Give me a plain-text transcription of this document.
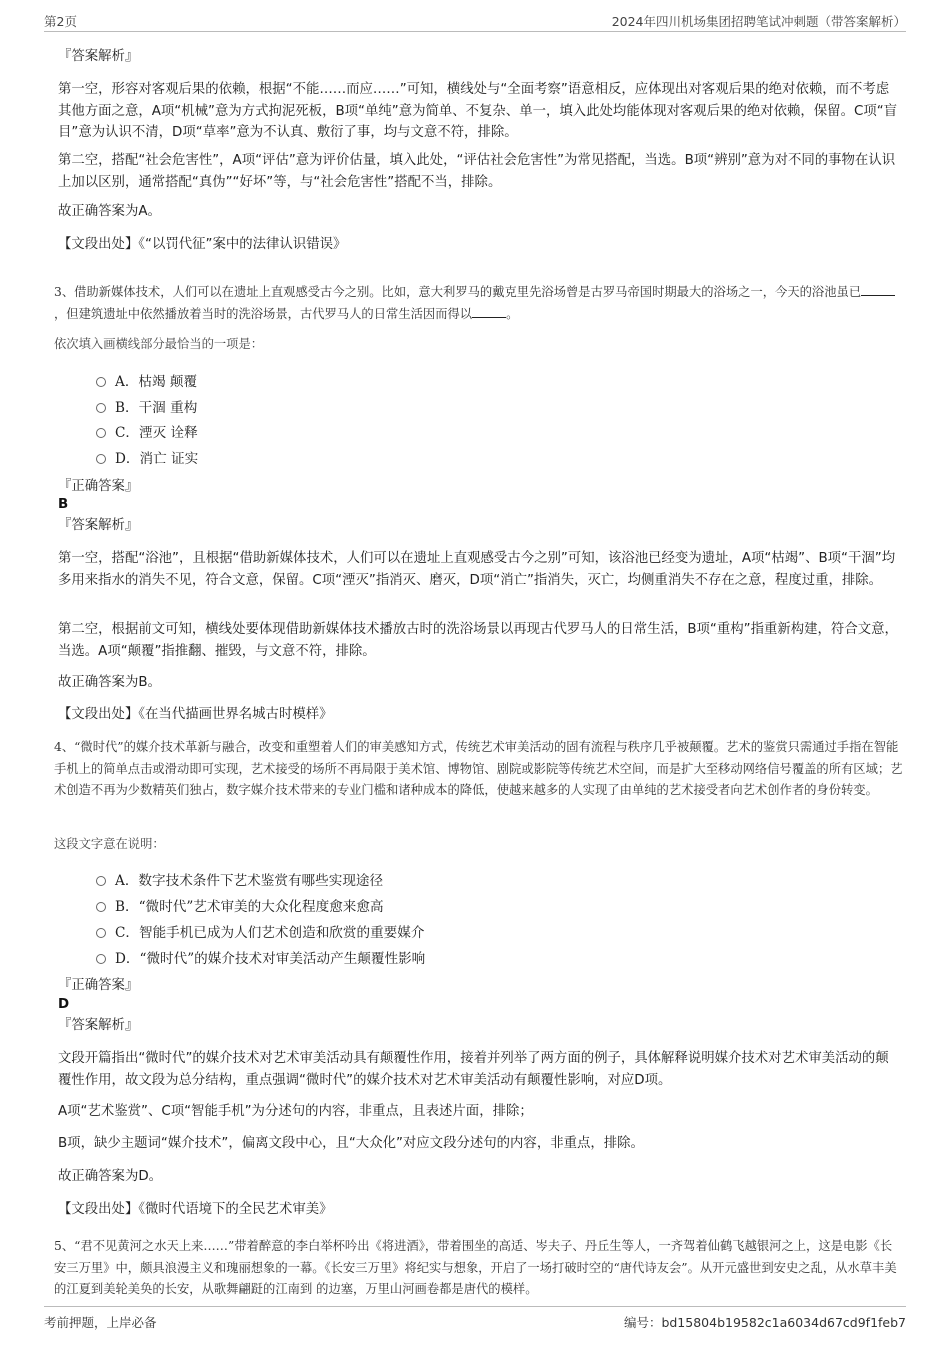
第2页	2024年四川机场集团招聘笔试冲刺题（带答案解析）
『答案解析』
第一空，形容对客观后果的依赖，根据“不能……而应……”可知，横线处与“全面考察”语意相反，应体现出对客观后果的绝对依赖，而不考虑其他方面之意，A项“机械”意为方式拘泥死板，B项“单纯”意为简单、不复杂、单一，填入此处均能体现对客观后果的绝对依赖，保留。C项“盲目”意为认识不清，D项“草率”意为不认真、敷衍了事，均与文意不符，排除。
第二空，搭配“社会危害性”，A项“评估”意为评价估量，填入此处，“评估社会危害性”为常见搭配，当选。B项“辨别”意为对不同的事物在认识上加以区别，通常搭配“真伪”“好坏”等，与“社会危害性”搭配不当，排除。
故正确答案为A。
【文段出处】《“以罚代征”案中的法律认识错误》
3、借助新媒体技术，人们可以在遗址上直观感受古今之别。比如，意大利罗马的戴克里先浴场曾是古罗马帝国时期最大的浴场之一，今天的浴池虽已，但建筑遗址中依然播放着当时的洗浴场景，古代罗马人的日常生活因而得以	。
依次填入画横线部分最恰当的一项是：
A．枯竭 颠覆
B．干涸 重构
C．湮灭 诠释
D．消亡 证实
『正确答案』
B
『答案解析』
第一空，搭配“浴池”，且根据“借助新媒体技术，人们可以在遗址上直观感受古今之别”可知，该浴池已经变为遗址，A项“枯竭”、B项“干涸”均多用来指水的消失不见，符合文意，保留。C项“湮灭”指消灭、磨灭，D项“消亡”指消失，灭亡，均侧重消失不存在之意，程度过重，排除。
第二空，根据前文可知，横线处要体现借助新媒体技术播放古时的洗浴场景以再现古代罗马人的日常生活，B项“重构”指重新构建，符合文意，当选。A项“颠覆”指推翻、摧毁，与文意不符，排除。
故正确答案为B。
【文段出处】《在当代描画世界名城古时模样》
4、“微时代”的媒介技术革新与融合，改变和重塑着人们的审美感知方式，传统艺术审美活动的固有流程与秩序几乎被颠覆。艺术的鉴赏只需通过手指在智能手机上的简单点击或滑动即可实现，艺术接受的场所不再局限于美术馆、博物馆、剧院或影院等传统艺术空间，而是扩大至移动网络信号覆盖的所有区域；艺术创造不再为少数精英们独占，数字媒介技术带来的专业门槛和诸种成本的降低，使越来越多的人实现了由单纯的艺术接受者向艺术创作者的身份转变。
这段文字意在说明：
A．数字技术条件下艺术鉴赏有哪些实现途径
B．“微时代”艺术审美的大众化程度愈来愈高
C．智能手机已成为人们艺术创造和欣赏的重要媒介
D．“微时代”的媒介技术对审美活动产生颠覆性影响
『正确答案』
D
『答案解析』
文段开篇指出“微时代”的媒介技术对艺术审美活动具有颠覆性作用，接着并列举了两方面的例子，具体解释说明媒介技术对艺术审美活动的颠覆性作用，故文段为总分结构，重点强调“微时代”的媒介技术对艺术审美活动有颠覆性影响，对应D项。
A项“艺术鉴赏”、C项“智能手机”为分述句的内容，非重点，且表述片面，排除；
B项，缺少主题词“媒介技术”，偏离文段中心，且“大众化”对应文段分述句的内容，非重点，排除。
故正确答案为D。
【文段出处】《微时代语境下的全民艺术审美》
5、“君不见黄河之水天上来……”带着醉意的李白举杯吟出《将进酒》，带着围坐的高适、岑夫子、丹丘生等人，一齐驾着仙鹤飞越银河之上，这是电影《长安三万里》中，颇具浪漫主义和瑰丽想象的一幕。《长安三万里》将纪实与想象，开启了一场打破时空的“唐代诗友会”。从开元盛世到安史之乱，从水草丰美的江夏到美轮美奂的长安，从歌舞翩跹的江南到 的边塞，万里山河画卷都是唐代的模样。
考前押题，上岸必备	编号：bd15804b19582c1a6034d67cd9f1feb7
